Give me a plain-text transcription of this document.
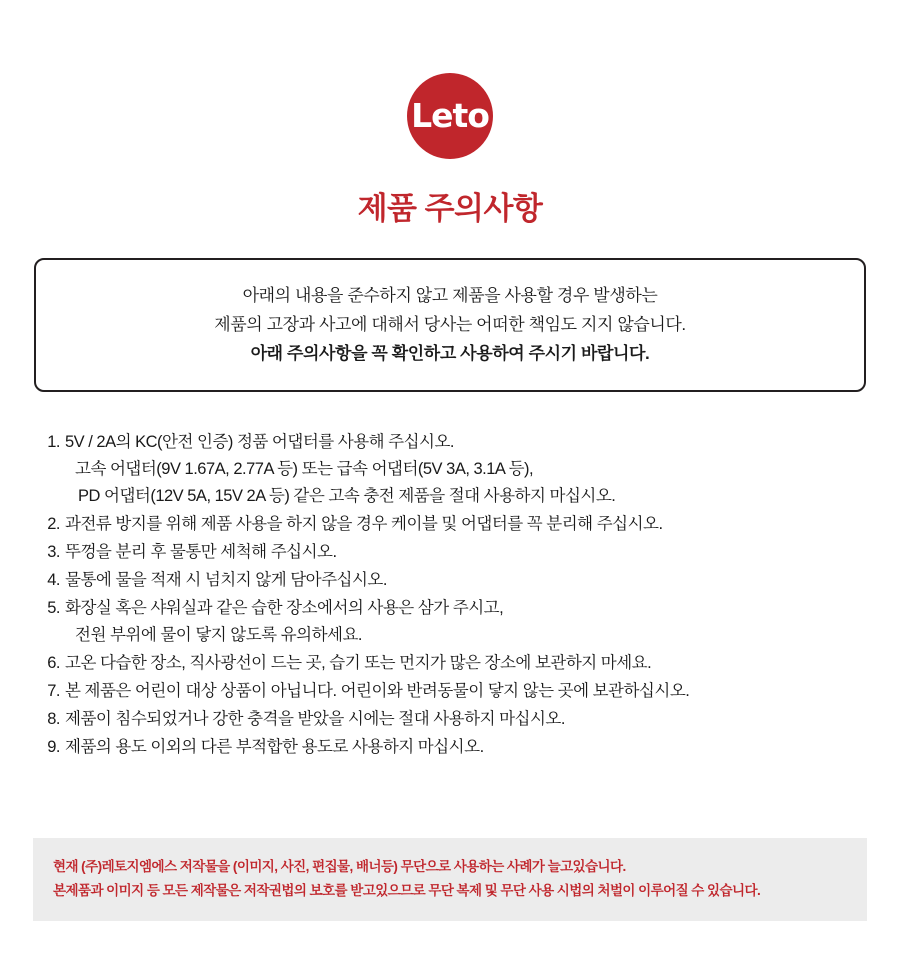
Leto
제품 주의사항
아래의 내용을 준수하지 않고 제품을 사용할 경우 발생하는
제품의 고장과 사고에 대해서 당사는 어떠한 책임도 지지 않습니다.
아래 주의사항을 꼭 확인하고 사용하여 주시기 바랍니다.
1. 5V / 2A의 KC(안전 인증) 정품 어댑터를 사용해 주십시오.
고속 어댑터(9V 1.67A, 2.77A 등) 또는 급속 어댑터(5V 3A, 3.1A 등),
PD 어댑터(12V 5A, 15V 2A 등) 같은 고속 충전 제품을 절대 사용하지 마십시오.
2. 과전류 방지를 위해 제품 사용을 하지 않을 경우 케이블 및 어댑터를 꼭 분리해 주십시오.
3. 뚜껑을 분리 후 물통만 세척해 주십시오.
4. 물통에 물을 적재 시 넘치지 않게 담아주십시오.
5. 화장실 혹은 샤워실과 같은 습한 장소에서의 사용은 삼가 주시고,
전원 부위에 물이 닿지 않도록 유의하세요.
6. 고온 다습한 장소, 직사광선이 드는 곳, 습기 또는 먼지가 많은 장소에 보관하지 마세요.
7. 본 제품은 어린이 대상 상품이 아닙니다. 어린이와 반려동물이 닿지 않는 곳에 보관하십시오.
8. 제품이 침수되었거나 강한 충격을 받았을 시에는 절대 사용하지 마십시오.
9. 제품의 용도 이외의 다른 부적합한 용도로 사용하지 마십시오.
현재 (주)레토지엠에스 저작물을 (이미지, 사진, 편집물, 배너등) 무단으로 사용하는 사례가 늘고있습니다.
본제품과 이미지 등 모든 제작물은 저작권법의 보호를 받고있으므로 무단 복제 및 무단 사용 시법의 처벌이 이루어질 수 있습니다.
